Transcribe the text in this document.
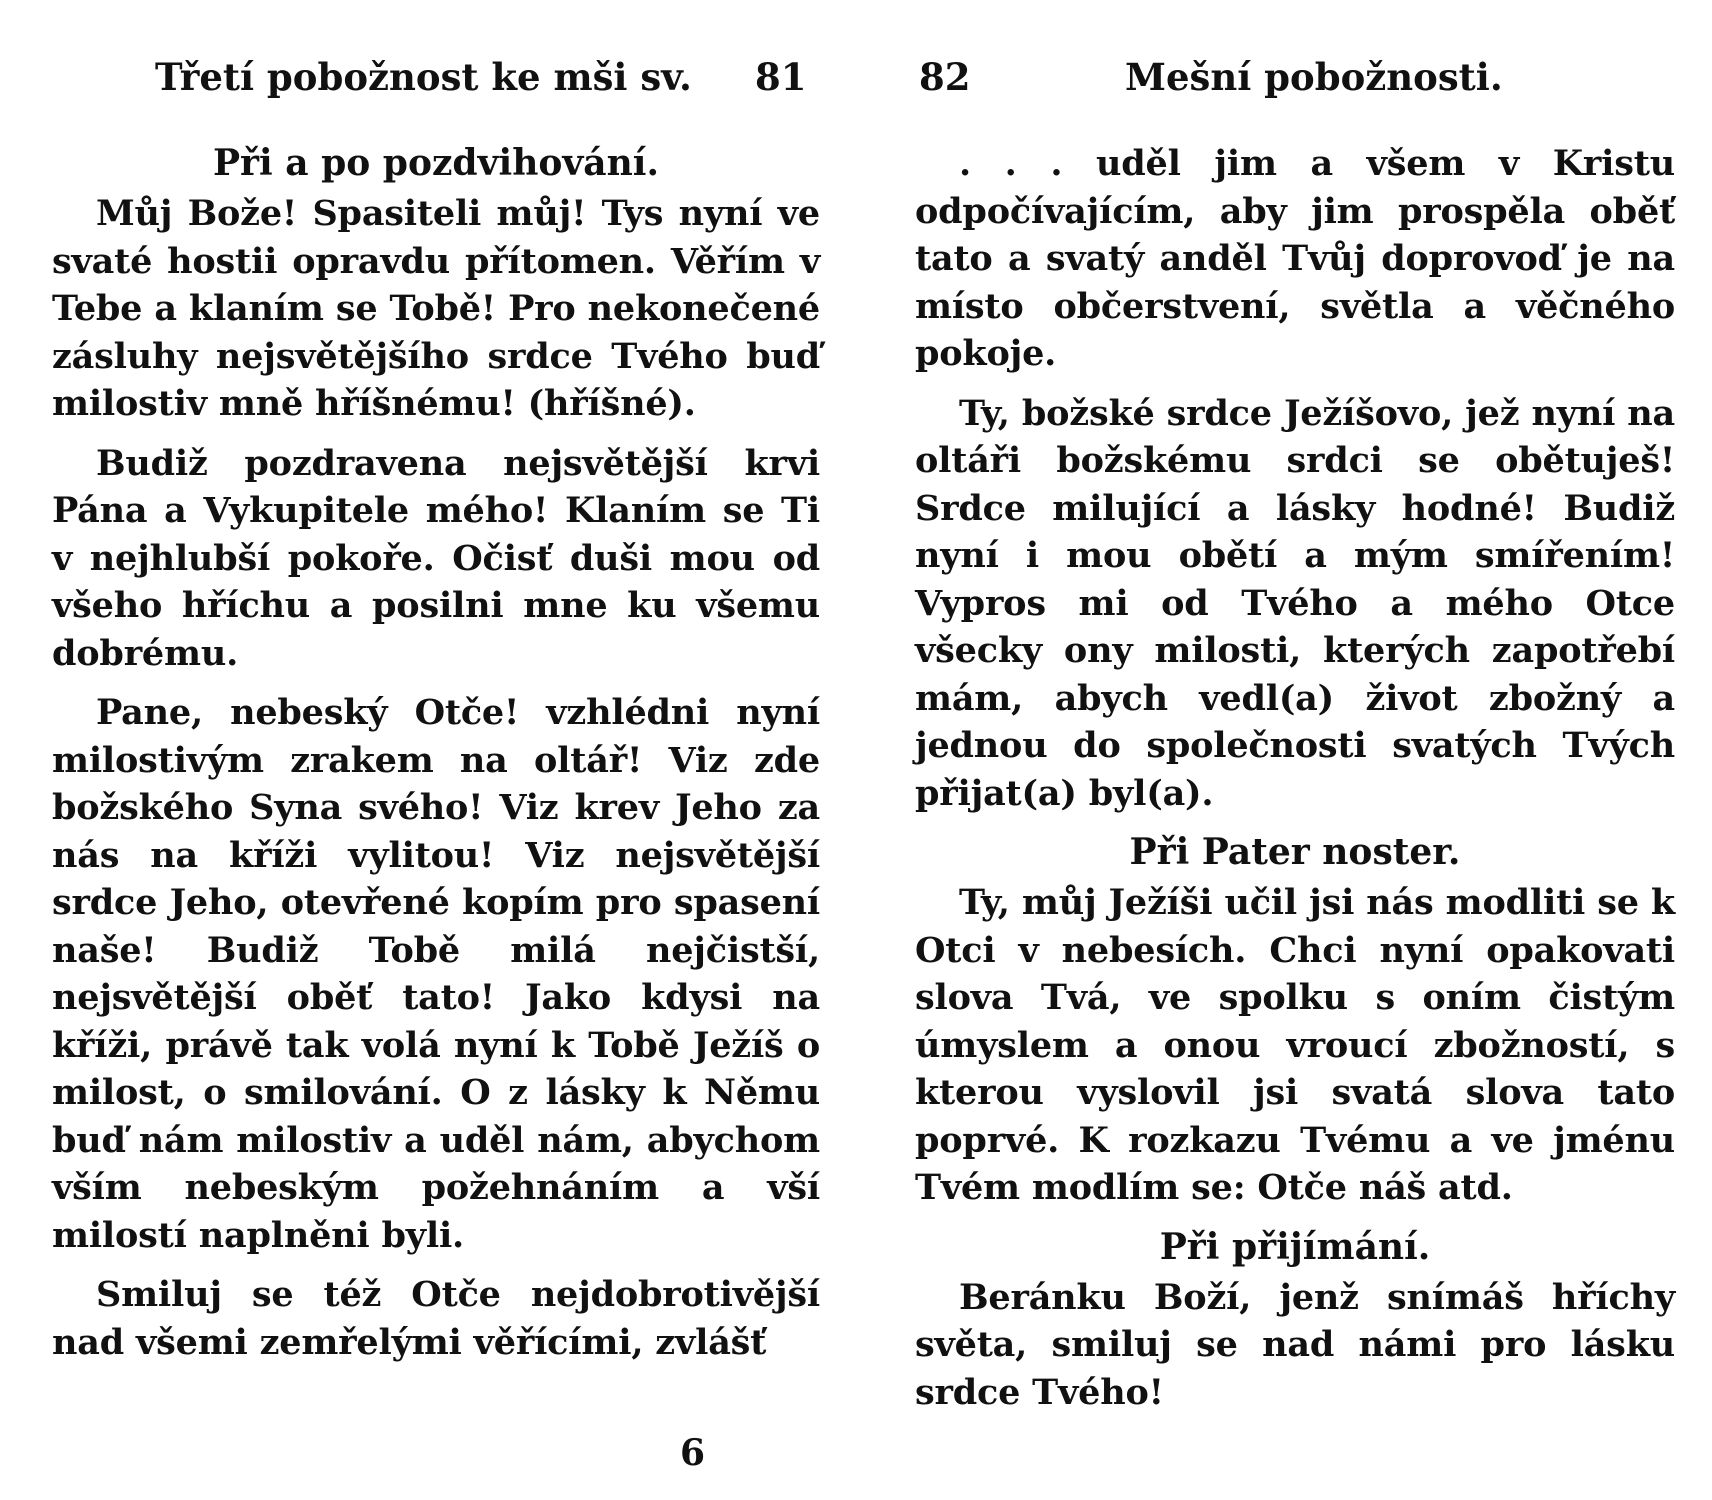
Třetí pobožnost ke mši sv. 81
Při a po pozdvihování.

Můj Bože! Spasiteli můj! Tys nyní ve svaté hostii opravdu přítomen. Věřím v Tebe a klaním se Tobě! Pro nekonečené zásluhy nejsvětějšího srdce Tvého buď milostiv mně hříšnému! (hříšné).

Budiž pozdravena nejsvětější krvi Pána a Vykupitele mého! Klaním se Ti v nejhlubší pokoře. Očisť duši mou od všeho hříchu a posilni mne ku všemu dobrému.

Pane, nebeský Otče! vzhlédni nyní milostivým zrakem na oltář! Viz zde božského Syna svého! Viz krev Jeho za nás na kříži vylitou! Viz nejsvětější srdce Jeho, otevřené kopím pro spasení naše! Budiž Tobě milá nejčistší, nejsvětější oběť tato! Jako kdysi na kříži, právě tak volá nyní k Tobě Ježíš o milost, o smilování. O z lásky k Němu buď nám milostiv a uděl nám, abychom vším nebeským požehnáním a vší milostí naplněni byli.

Smiluj se též Otče nejdobrotivější nad všemi zemřelými věřícími, zvlášť

6
82	Mešní pobožnosti.

. . . uděl jim a všem v Kristu odpočívajícím, aby jim prospěla oběť tato a svatý anděl Tvůj doprovoď je na místo občerstvení, světla a věčného pokoje.

Ty, božské srdce Ježíšovo, jež nyní na oltáři božskému srdci se obětuješ! Srdce milující a lásky hodné! Budiž nyní i mou obětí a mým smířením! Vypros mi od Tvého a mého Otce všecky ony milosti, kterých zapotřebí mám, abych vedl(a) život zbožný a jednou do společnosti svatých Tvých přijat(a) byl(a).

Při Pater noster.

Ty, můj Ježíši učil jsi nás modliti se k Otci v nebesích. Chci nyní opakovati slova Tvá, ve spolku s oním čistým úmyslem a onou vroucí zbožností, s kterou vyslovil jsi svatá slova tato poprvé. K rozkazu Tvému a ve jménu Tvém modlím se: Otče náš atd.

Při přijímání.

Beránku Boží, jenž snímáš hříchy světa, smiluj se nad námi pro lásku srdce Tvého!
